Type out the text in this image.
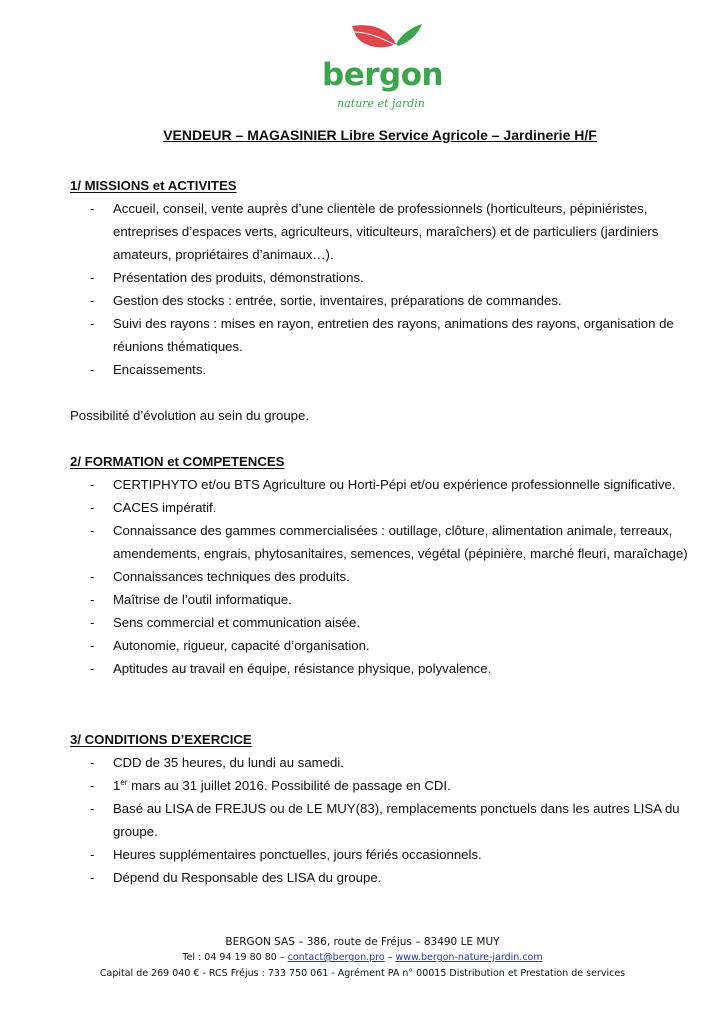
bergon
nature et jardin
VENDEUR – MAGASINIER Libre Service Agricole – Jardinerie H/F
1/ MISSIONS et ACTIVITES
- Accueil, conseil, vente auprès d’une clientèle de professionnels (horticulteurs, pépiniéristes, entreprises d’espaces verts, agriculteurs, viticulteurs, maraîchers) et de particuliers (jardiniers amateurs, propriétaires d’animaux…).
- Présentation des produits, démonstrations.
- Gestion des stocks : entrée, sortie, inventaires, préparations de commandes.
- Suivi des rayons : mises en rayon, entretien des rayons, animations des rayons, organisation de réunions thématiques.
- Encaissements.
Possibilité d’évolution au sein du groupe.
2/ FORMATION et COMPETENCES
- CERTIPHYTO et/ou BTS Agriculture ou Horti-Pépi et/ou expérience professionnelle significative.
- CACES impératif.
- Connaissance des gammes commercialisées : outillage, clôture, alimentation animale, terreaux, amendements, engrais, phytosanitaires, semences, végétal (pépinière, marché fleuri, maraîchage)
- Connaissances techniques des produits.
- Maîtrise de l’outil informatique.
- Sens commercial et communication aisée.
- Autonomie, rigueur, capacité d’organisation.
- Aptitudes au travail en équipe, résistance physique, polyvalence.
3/ CONDITIONS D’EXERCICE
- CDD de 35 heures, du lundi au samedi.
- 1er mars au 31 juillet 2016. Possibilité de passage en CDI.
- Basé au LISA de FREJUS ou de LE MUY(83), remplacements ponctuels dans les autres LISA du groupe.
- Heures supplémentaires ponctuelles, jours fériés occasionnels.
- Dépend du Responsable des LISA du groupe.
BERGON SAS – 386, route de Fréjus – 83490 LE MUY
Tel : 04 94 19 80 80 – contact@bergon.pro – www.bergon-nature-jardin.com
Capital de 269 040 € - RCS Fréjus : 733 750 061 - Agrément PA n° 00015 Distribution et Prestation de services
